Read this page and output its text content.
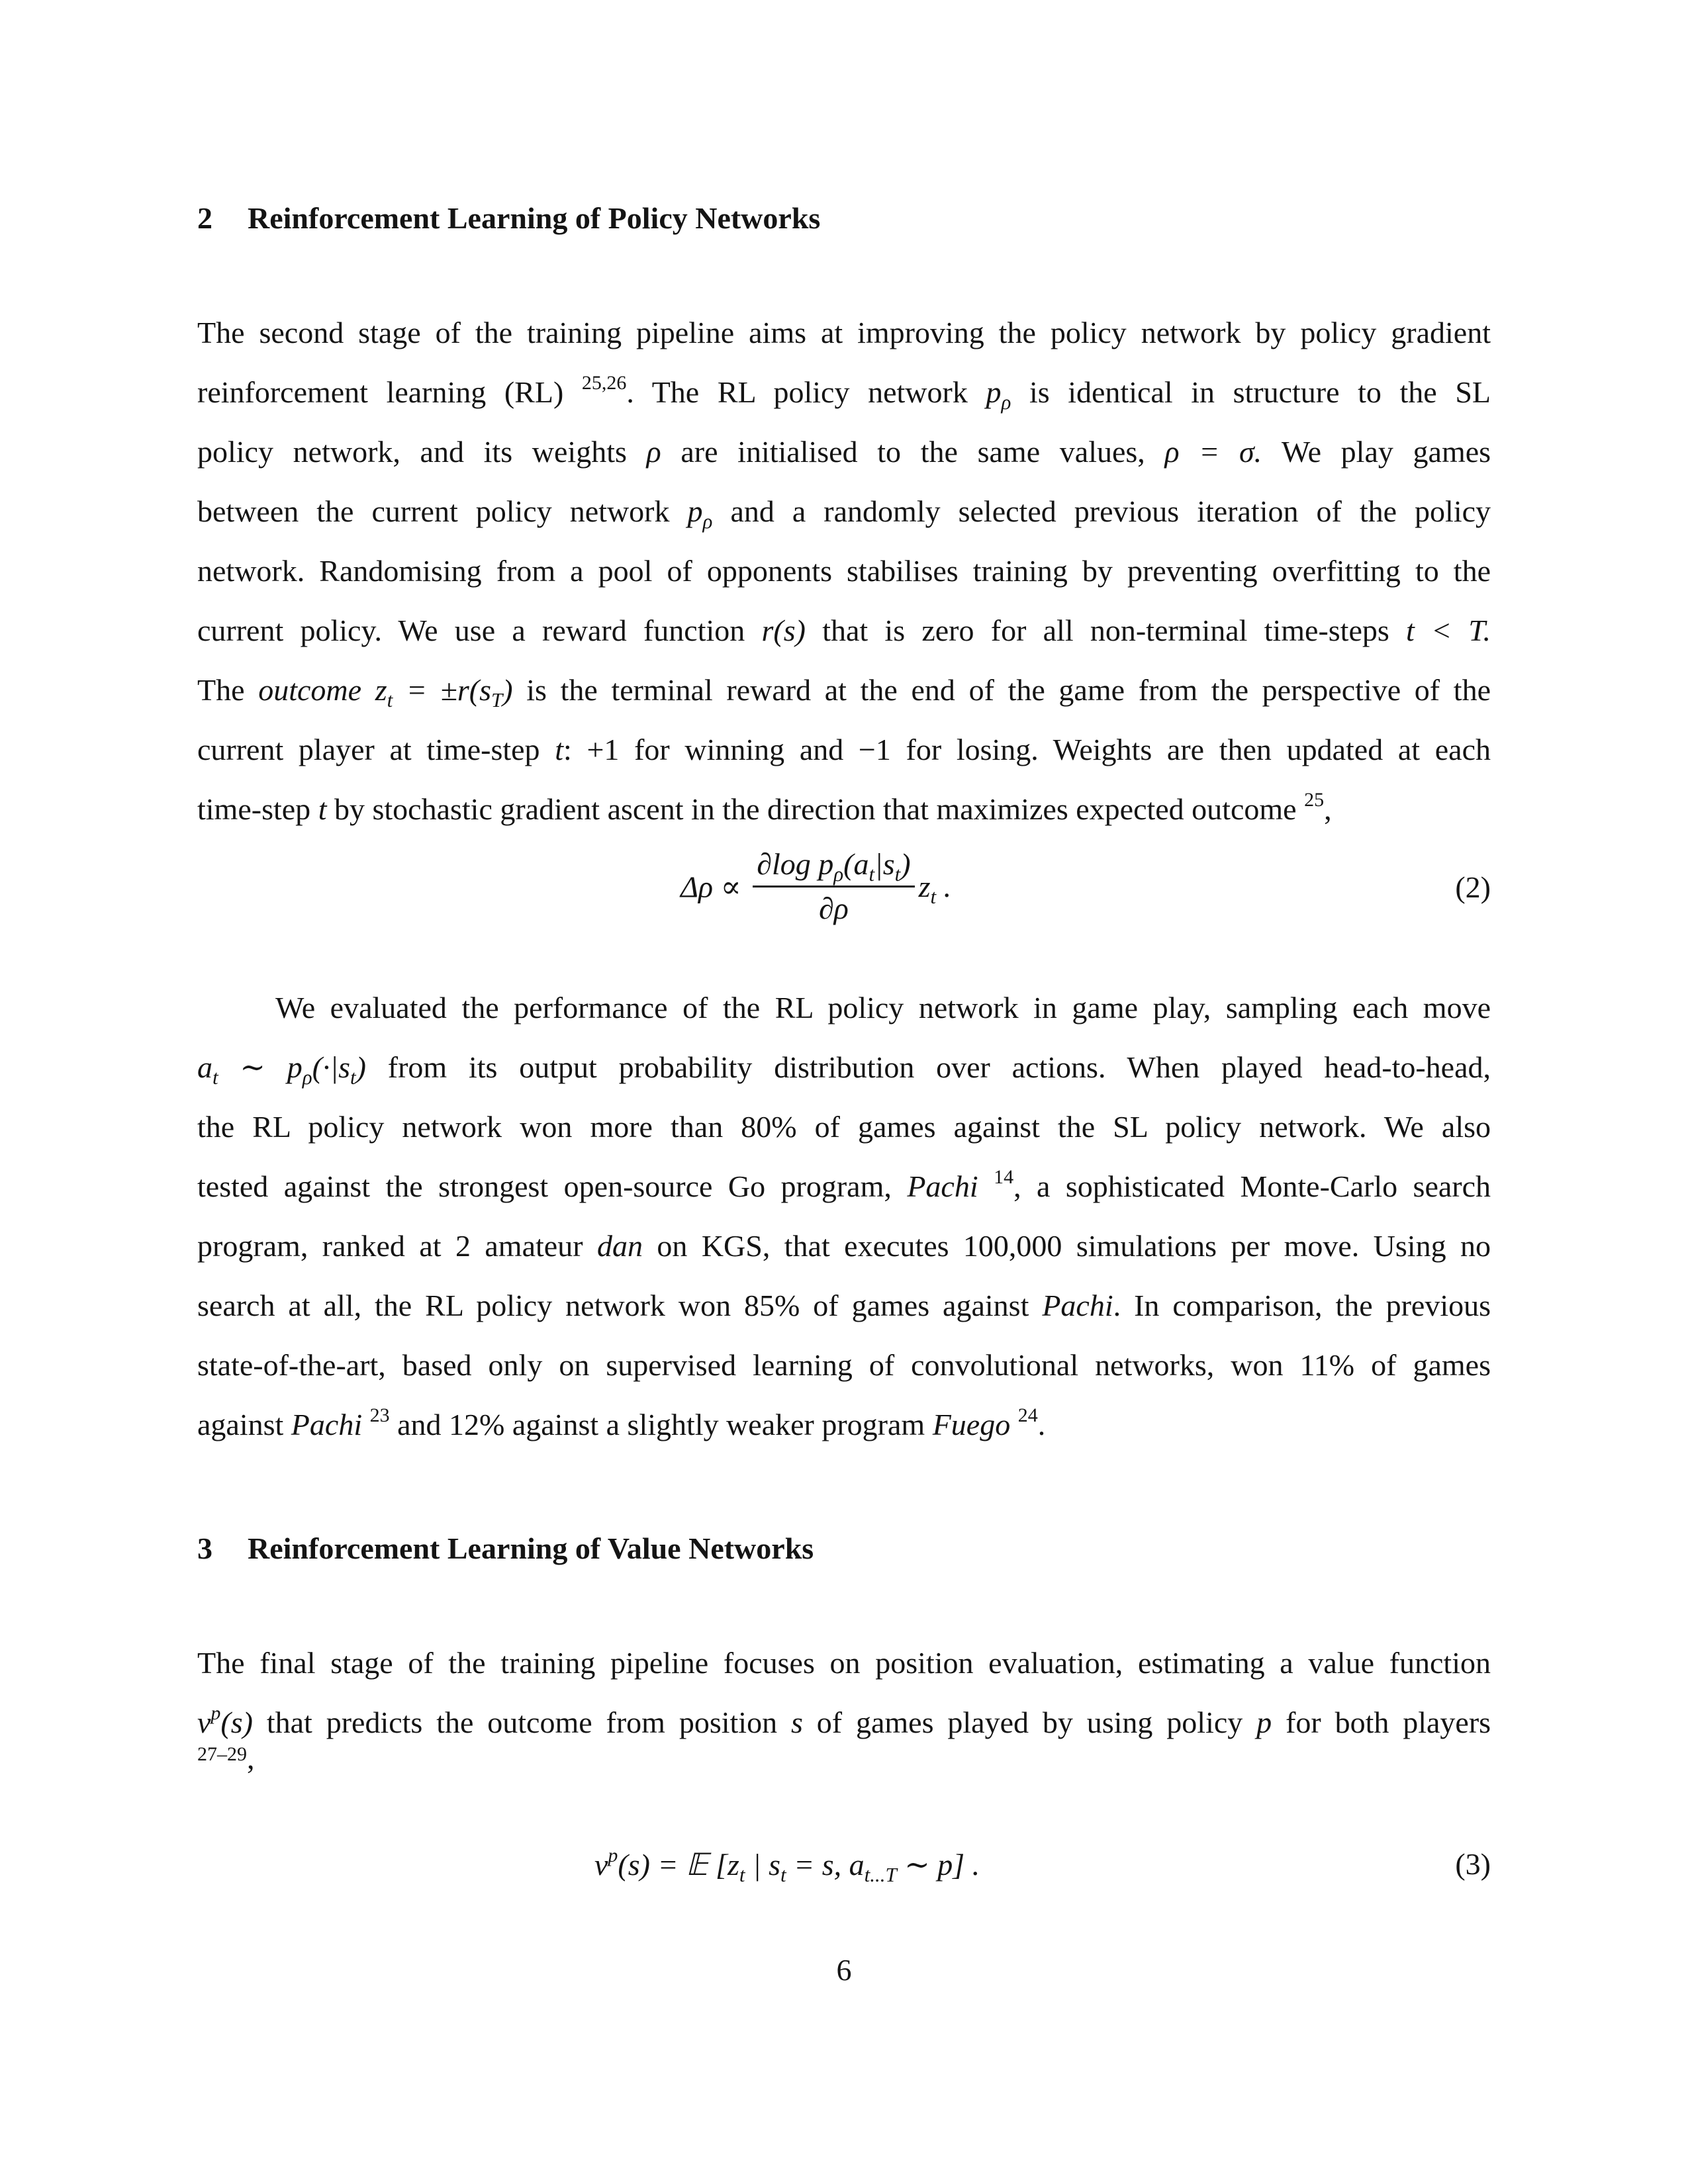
2 Reinforcement Learning of Policy Networks
The second stage of the training pipeline aims at improving the policy network by policy gradient
reinforcement learning (RL) $^{25,26}$. The RL policy network $p_\rho$ is identical in structure to the SL
policy network, and its weights ρ are initialised to the same values, ρ = σ. We play games
between the current policy network $p_\rho$ and a randomly selected previous iteration of the policy
network. Randomising from a pool of opponents stabilises training by preventing overfitting to the
current policy. We use a reward function r(s) that is zero for all non-terminal time-steps t < T.
The outcome $z_t = \pm r(s_T)$ is the terminal reward at the end of the game from the perspective of the
current player at time-step t: +1 for winning and −1 for losing. Weights are then updated at each
time-step t by stochastic gradient ascent in the direction that maximizes expected outcome $^{25}$,
$\Delta\rho \propto \frac{\partial\log p_\rho(a_t|s_t)}{\partial\rho} z_t$ .	(2)
We evaluated the performance of the RL policy network in game play, sampling each move
$a_t$ ∼ $p_\rho(\cdot|s_t)$ from its output probability distribution over actions. When played head-to-head,
the RL policy network won more than 80% of games against the SL policy network. We also
tested against the strongest open-source Go program, Pachi $^{14}$, a sophisticated Monte-Carlo search
program, ranked at 2 amateur dan on KGS, that executes 100,000 simulations per move. Using no
search at all, the RL policy network won 85% of games against Pachi. In comparison, the previous
state-of-the-art, based only on supervised learning of convolutional networks, won 11% of games
against Pachi $^{23}$ and 12% against a slightly weaker program Fuego $^{24}$.
3 Reinforcement Learning of Value Networks
The final stage of the training pipeline focuses on position evaluation, estimating a value function
$v^p(s)$ that predicts the outcome from position s of games played by using policy p for both players
27–29,
$v^p(s)$ = 𝔼 [$z_t$ | $s_t = s$, $a_{t...T}$ ∼ p] .	(3)
6
